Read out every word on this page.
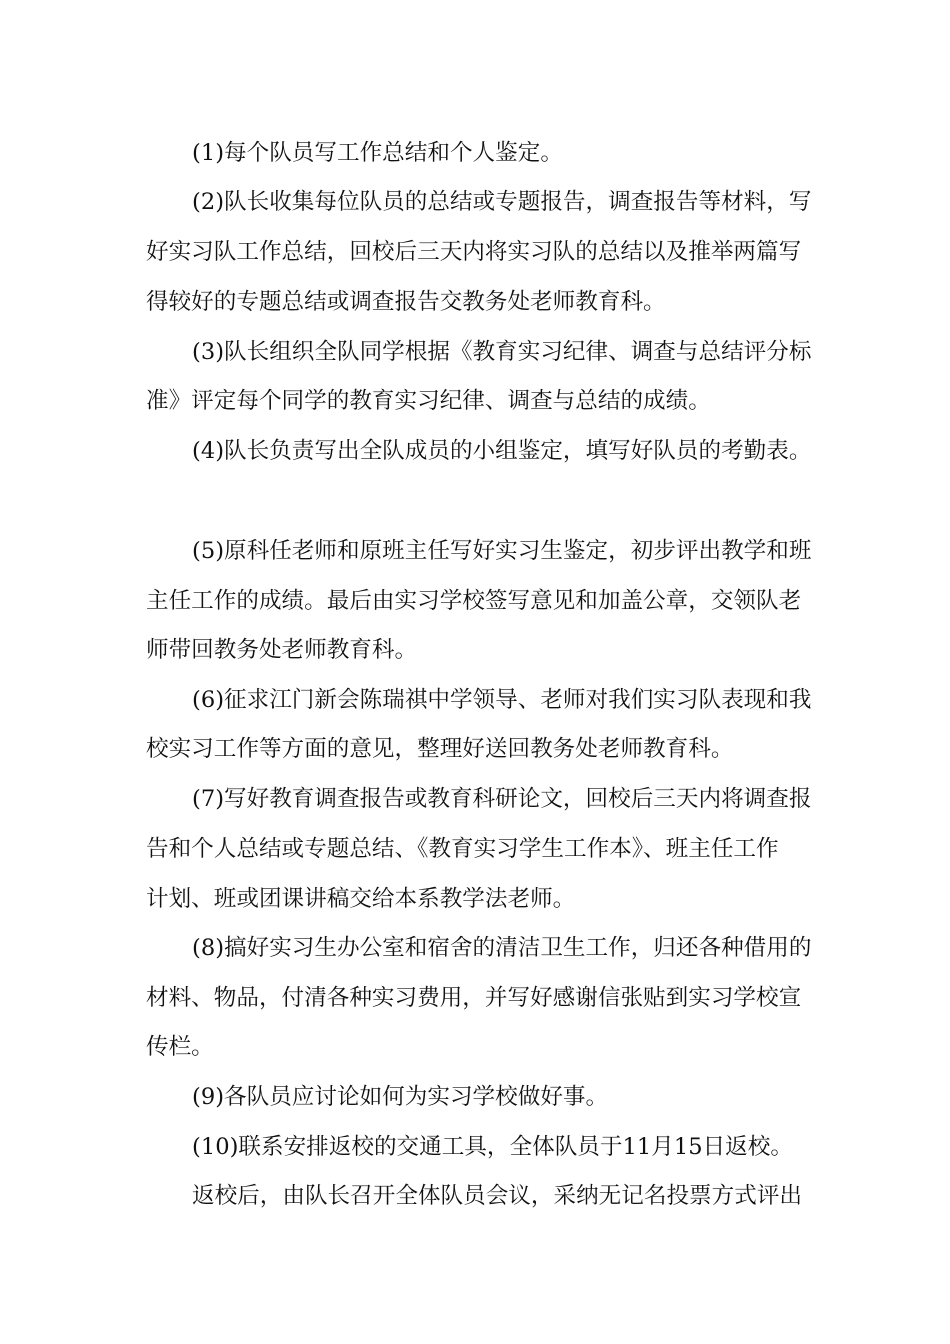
(1)每个队员写工作总结和个人鉴定。
(2)队长收集每位队员的总结或专题报告，调查报告等材料，写
好实习队工作总结，回校后三天内将实习队的总结以及推举两篇写
得较好的专题总结或调查报告交教务处老师教育科。
(3)队长组织全队同学根据《教育实习纪律、调查与总结评分标
准》评定每个同学的教育实习纪律、调查与总结的成绩。
(4)队长负责写出全队成员的小组鉴定，填写好队员的考勤表。
(5)原科任老师和原班主任写好实习生鉴定，初步评出教学和班
主任工作的成绩。最后由实习学校签写意见和加盖公章，交领队老
师带回教务处老师教育科。
(6)征求江门新会陈瑞祺中学领导、老师对我们实习队表现和我
校实习工作等方面的意见，整理好送回教务处老师教育科。
(7)写好教育调查报告或教育科研论文，回校后三天内将调查报
告和个人总结或专题总结、《教育实习学生工作本》、班主任工作
计划、班或团课讲稿交给本系教学法老师。
(8)搞好实习生办公室和宿舍的清洁卫生工作，归还各种借用的
材料、物品，付清各种实习费用，并写好感谢信张贴到实习学校宣
传栏。
(9)各队员应讨论如何为实习学校做好事。
(10)联系安排返校的交通工具，全体队员于11月15日返校。
返校后，由队长召开全体队员会议，采纳无记名投票方式评出
